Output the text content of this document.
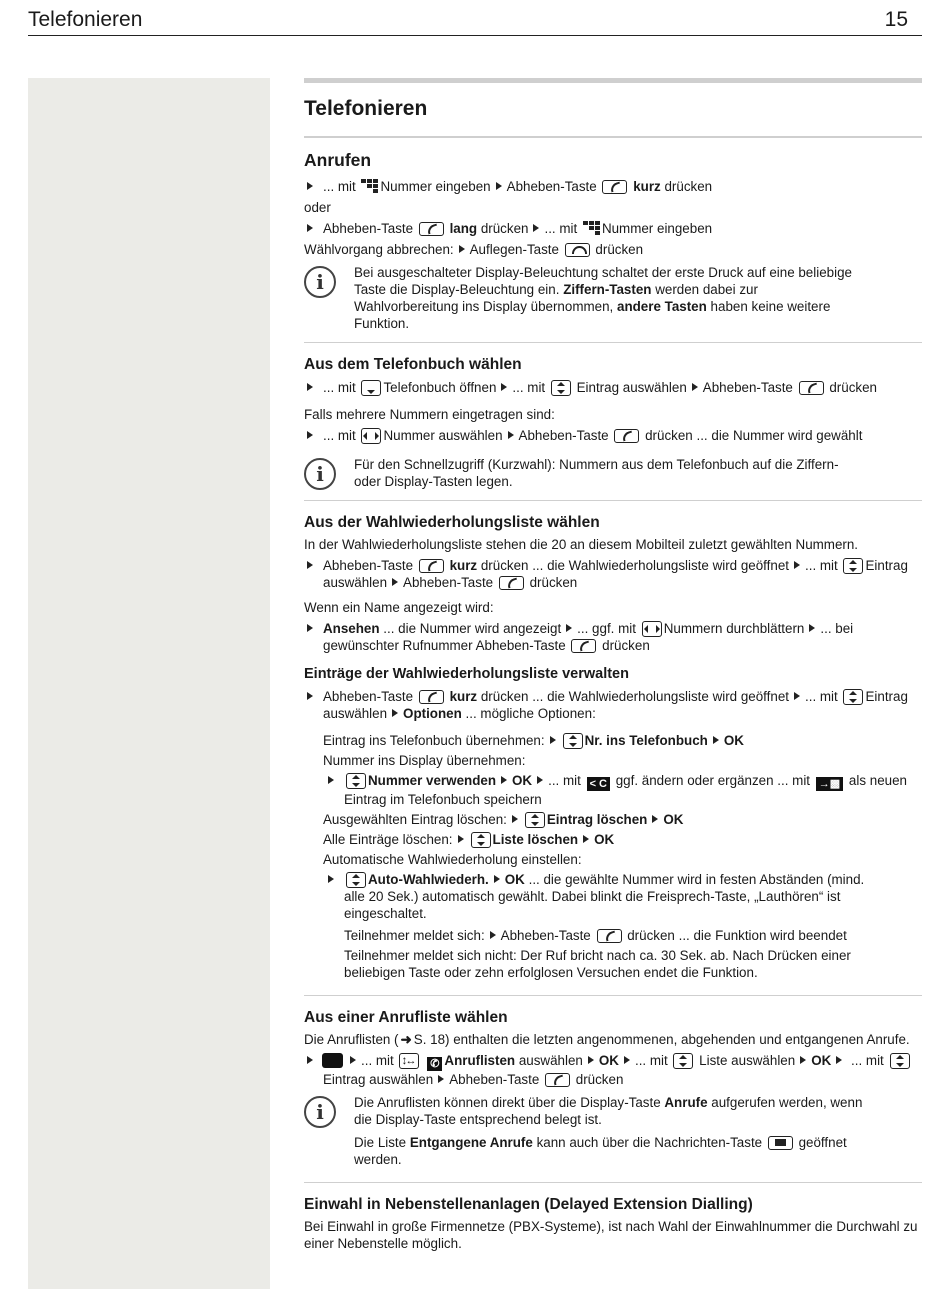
Telefonieren	15
Telefonieren
Anrufen
... mit Nummer eingeben Abheben-Taste	kurz drücken
oder
Abheben-Taste	lang drücken ... mit Nummer eingeben
Wählvorgang abbrechen: Auflegen-Taste	drücken
i	Bei ausgeschalteter Display-Beleuchtung schaltet der erste Druck auf eine beliebige Taste die Display-Beleuchtung ein. Ziffern-Tasten werden dabei zur Wahlvorbereitung ins Display übernommen, andere Tasten haben keine weitere Funktion.

Aus dem Telefonbuch wählen
... mit Telefonbuch öffnen ... mit Eintrag auswählen Abheben-Taste	drücken
Falls mehrere Nummern eingetragen sind:
... mit Nummer auswählen Abheben-Taste	drücken ... die Nummer wird gewählt
i	Für den Schnellzugriff (Kurzwahl): Nummern aus dem Telefonbuch auf die Ziffern- oder Display-Tasten legen.

Aus der Wahlwiederholungsliste wählen
In der Wahlwiederholungsliste stehen die 20 an diesem Mobilteil zuletzt gewählten Nummern.
Abheben-Taste	kurz drücken ... die Wahlwiederholungsliste wird geöffnet ... mit Eintrag auswählen Abheben-Taste	drücken
Wenn ein Name angezeigt wird:
Ansehen ... die Nummer wird angezeigt ... ggf. mit Nummern durchblättern ... bei gewünschter Rufnummer Abheben-Taste	drücken
Einträge der Wahlwiederholungsliste verwalten
Abheben-Taste	kurz drücken ... die Wahlwiederholungsliste wird geöffnet ... mit Eintrag auswählen Optionen ... mögliche Optionen:
Eintrag ins Telefonbuch übernehmen:	Nr. ins Telefonbuch OK
Nummer ins Display übernehmen:
Nummer verwenden OK ... mit < C ggf. ändern oder ergänzen ... mit →▩ als neuen Eintrag im Telefonbuch speichern
Ausgewählten Eintrag löschen:	Eintrag löschen OK
Alle Einträge löschen:	Liste löschen OK
Automatische Wahlwiederholung einstellen:
Auto-Wahlwiederh. OK ... die gewählte Nummer wird in festen Abständen (mind. alle 20 Sek.) automatisch gewählt. Dabei blinkt die Freisprech-Taste, „Lauthören“ ist eingeschaltet.
Teilnehmer meldet sich: Abheben-Taste	drücken ... die Funktion wird beendet
Teilnehmer meldet sich nicht: Der Ruf bricht nach ca. 30 Sek. ab. Nach Drücken einer beliebigen Taste oder zehn erfolglosen Versuchen endet die Funktion.
Aus einer Anrufliste wählen
Die Anruflisten ( ➜ S. 18) enthalten die letzten angenommenen, abgehenden und entgangenen Anrufe.
... mit ↕ ↔	✆ Anruflisten auswählen OK ... mit Liste auswählen OK ... mit  Eintrag auswählen Abheben-Taste	drücken
i	Die Anruflisten können direkt über die Display-Taste Anrufe aufgerufen werden, wenn die Display-Taste entsprechend belegt ist.

Die Liste Entgangene Anrufe kann auch über die Nachrichten-Taste	geöffnet werden.

Einwahl in Nebenstellenanlagen (Delayed Extension Dialling)
Bei Einwahl in große Firmennetze (PBX-Systeme), ist nach Wahl der Einwahlnummer die Durchwahl zu einer Nebenstelle möglich.
